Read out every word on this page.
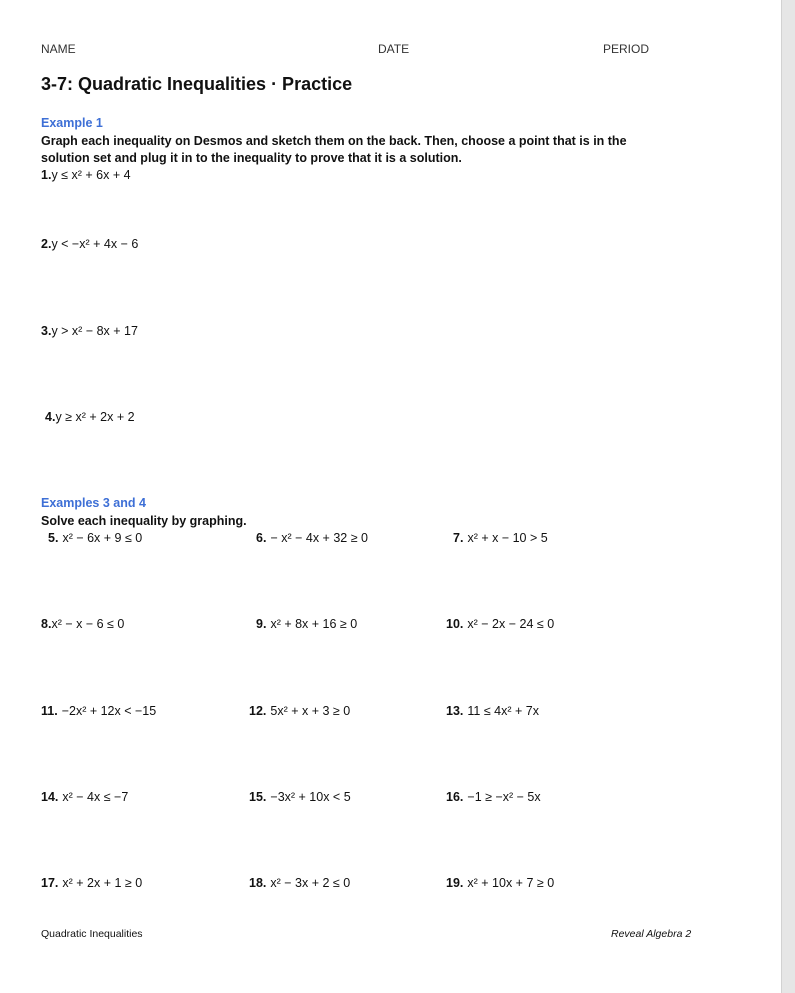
NAME	DATE	PERIOD
3-7: Quadratic Inequalities · Practice
Example 1
Graph each inequality on Desmos and sketch them on the back. Then, choose a point that is in the
solution set and plug it in to the inequality to prove that it is a solution.
1.y ≤ x² + 6x + 4
2.y < −x² + 4x − 6
3.y > x² − 8x + 17
4.y ≥ x² + 2x + 2
Examples 3 and 4
Solve each inequality by graphing.
5. x² − 6x + 9 ≤ 0	6. − x² − 4x + 32 ≥ 0	7. x² + x − 10 > 5
8.x² − x − 6 ≤ 0	9. x² + 8x + 16 ≥ 0	10. x² − 2x − 24 ≤ 0
11. −2x² + 12x < −15	12. 5x² + x + 3 ≥ 0	13. 11 ≤ 4x² + 7x
14. x² − 4x ≤ −7	15. −3x² + 10x < 5	16. −1 ≥ −x² − 5x
17. x² + 2x + 1 ≥ 0	18. x² − 3x + 2 ≤ 0	19. x² + 10x + 7 ≥ 0
Quadratic Inequalities	Reveal Algebra 2
